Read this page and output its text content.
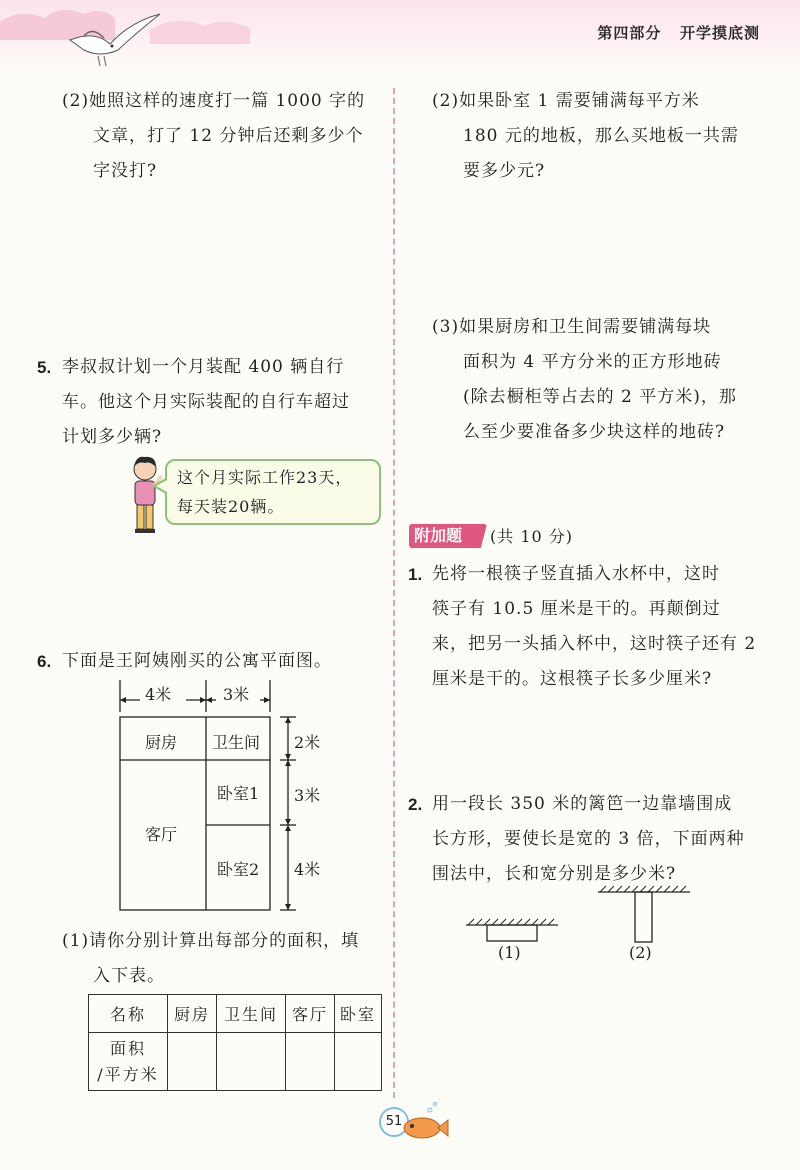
第四部分   开学摸底测
(2)她照这样的速度打一篇 1000 字的
文章，打了 12 分钟后还剩多少个
字没打?
5. 李叔叔计划一个月装配 400 辆自行
车。他这个月实际装配的自行车超过
计划多少辆?
这个月实际工作23天，
每天装20辆。
6. 下面是王阿姨刚买的公寓平面图。
4米	3米
厨房 卫生间
客厅
卧室1
卧室2
2米
3米
4米
(1)请你分别计算出每部分的面积，填
入下表。
名称	厨房	卫生间	客厅	卧室

面积
/平方米				

(2)如果卧室 1 需要铺满每平方米
180 元的地板，那么买地板一共需
要多少元?
(3)如果厨房和卫生间需要铺满每块
面积为 4 平方分米的正方形地砖
(除去橱柜等占去的 2 平方米)，那
么至少要准备多少块这样的地砖?
附加题 (共 10 分)
1. 先将一根筷子竖直插入水杯中，这时
筷子有 10.5 厘米是干的。再颠倒过
来，把另一头插入杯中，这时筷子还有 2
厘米是干的。这根筷子长多少厘米?
2. 用一段长 350 米的篱笆一边靠墙围成
长方形，要使长是宽的 3 倍，下面两种
围法中，长和宽分别是多少米?
(1)	(2)
51
